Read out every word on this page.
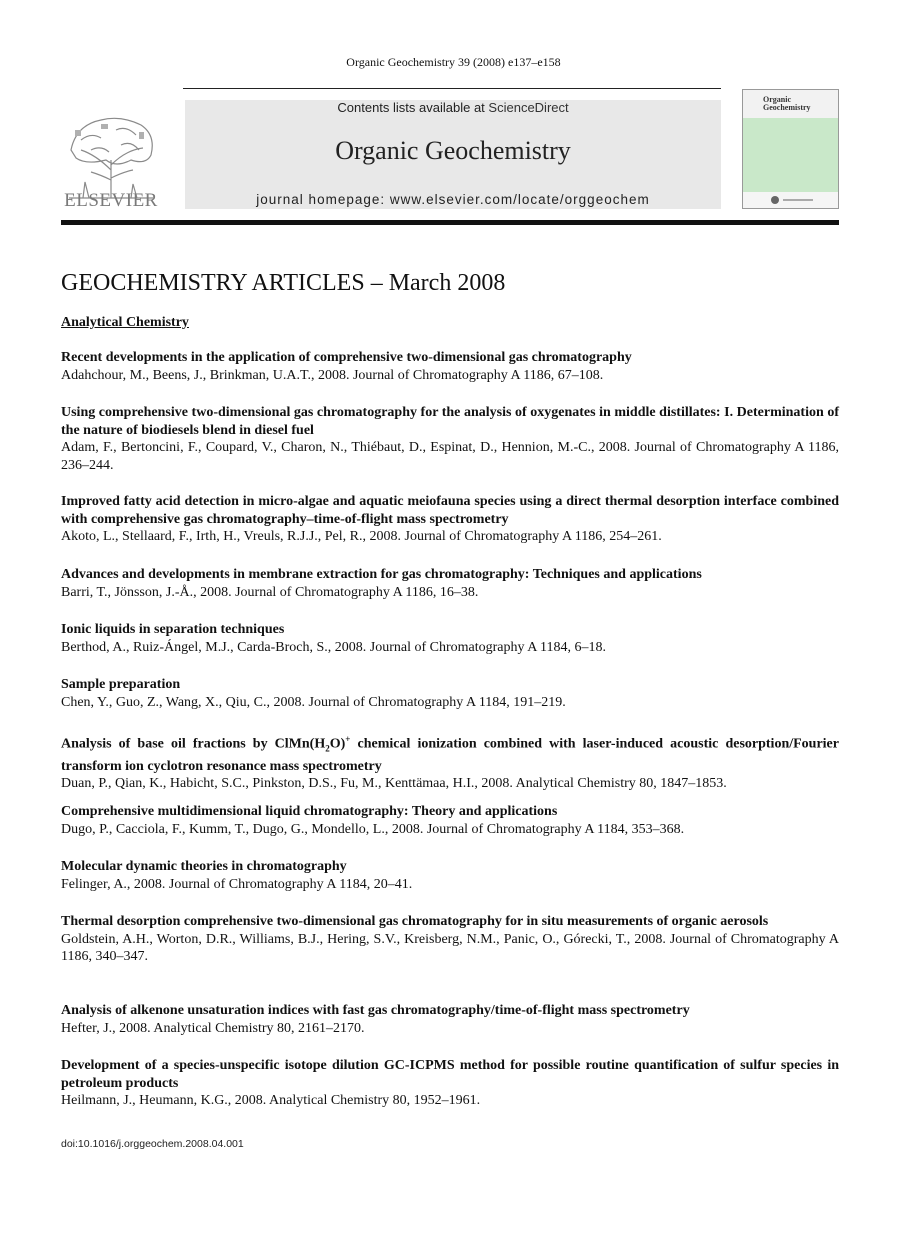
Organic Geochemistry 39 (2008) e137–e158
ELSEVIER
Contents lists available at ScienceDirect
Organic Geochemistry
journal homepage: www.elsevier.com/locate/orggeochem
Organic Geochemistry
GEOCHEMISTRY ARTICLES – March 2008
Analytical Chemistry
Recent developments in the application of comprehensive two-dimensional gas chromatography
Adahchour, M., Beens, J., Brinkman, U.A.T., 2008. Journal of Chromatography A 1186, 67–108.
Using comprehensive two-dimensional gas chromatography for the analysis of oxygenates in middle distillates: I. Determination of the nature of biodiesels blend in diesel fuel
Adam, F., Bertoncini, F., Coupard, V., Charon, N., Thiébaut, D., Espinat, D., Hennion, M.-C., 2008. Journal of Chromatography A 1186, 236–244.
Improved fatty acid detection in micro-algae and aquatic meiofauna species using a direct thermal desorption interface combined with comprehensive gas chromatography–time-of-flight mass spectrometry
Akoto, L., Stellaard, F., Irth, H., Vreuls, R.J.J., Pel, R., 2008. Journal of Chromatography A 1186, 254–261.
Advances and developments in membrane extraction for gas chromatography: Techniques and applications
Barri, T., Jönsson, J.-Å., 2008. Journal of Chromatography A 1186, 16–38.
Ionic liquids in separation techniques
Berthod, A., Ruiz-Ángel, M.J., Carda-Broch, S., 2008. Journal of Chromatography A 1184, 6–18.
Sample preparation
Chen, Y., Guo, Z., Wang, X., Qiu, C., 2008. Journal of Chromatography A 1184, 191–219.
Analysis of base oil fractions by $ClMn(H_2O)^+$ chemical ionization combined with laser-induced acoustic desorption/Fourier transform ion cyclotron resonance mass spectrometry
Duan, P., Qian, K., Habicht, S.C., Pinkston, D.S., Fu, M., Kenttämaa, H.I., 2008. Analytical Chemistry 80, 1847–1853.
Comprehensive multidimensional liquid chromatography: Theory and applications
Dugo, P., Cacciola, F., Kumm, T., Dugo, G., Mondello, L., 2008. Journal of Chromatography A 1184, 353–368.
Molecular dynamic theories in chromatography
Felinger, A., 2008. Journal of Chromatography A 1184, 20–41.
Thermal desorption comprehensive two-dimensional gas chromatography for in situ measurements of organic aerosols
Goldstein, A.H., Worton, D.R., Williams, B.J., Hering, S.V., Kreisberg, N.M., Panic, O., Górecki, T., 2008. Journal of Chromatography A 1186, 340–347.
Analysis of alkenone unsaturation indices with fast gas chromatography/time-of-flight mass spectrometry
Hefter, J., 2008. Analytical Chemistry 80, 2161–2170.
Development of a species-unspecific isotope dilution GC-ICPMS method for possible routine quantification of sulfur species in petroleum products
Heilmann, J., Heumann, K.G., 2008. Analytical Chemistry 80, 1952–1961.
doi:10.1016/j.orggeochem.2008.04.001
